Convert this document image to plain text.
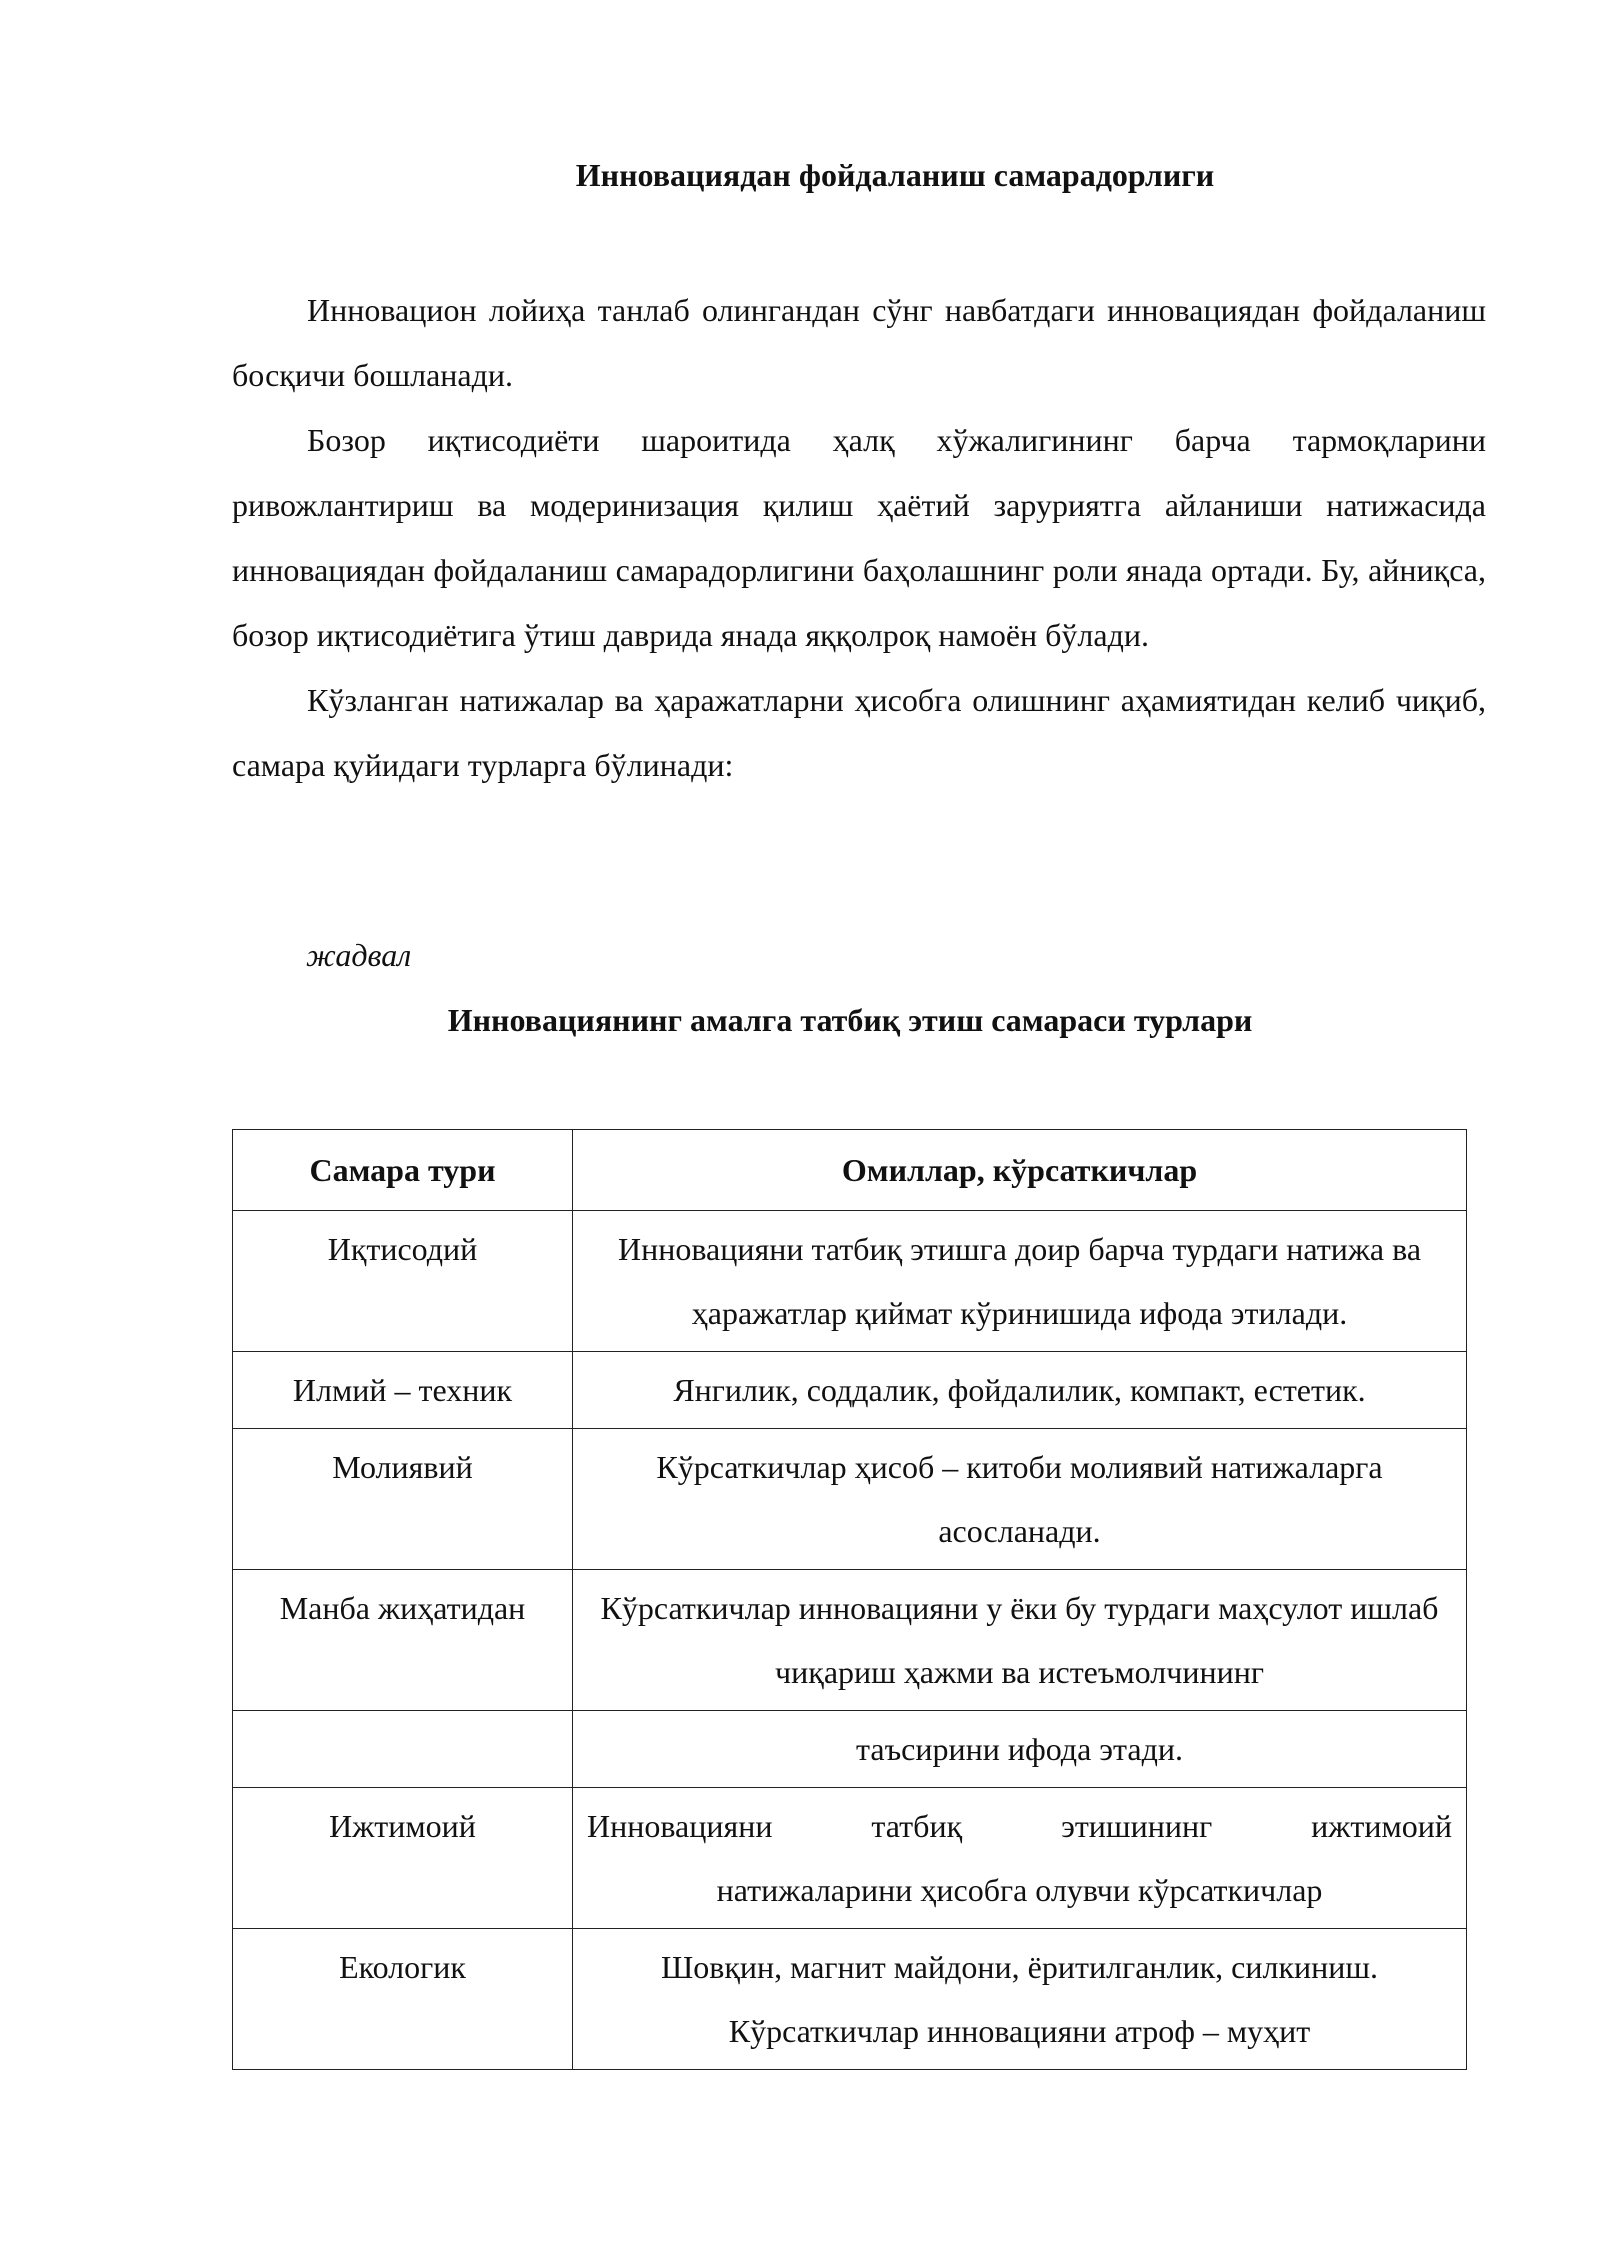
Инновациядан фойдаланиш самарадорлиги

Инновацион лойиҳа танлаб олингандан сўнг навбатдаги инновациядан фойдаланиш босқичи бошланади.

Бозор иқтисодиёти шароитида ҳалқ хўжалигининг барча тармоқларини ривожлантириш ва модеринизация қилиш ҳаётий заруриятга айланиши натижасида инновациядан фойдаланиш самарадорлигини баҳолашнинг роли янада ортади. Бу, айниқса, бозор иқтисодиётига ўтиш даврида янада яққолроқ намоён бўлади.

Кўзланган натижалар ва ҳаражатларни ҳисобга олишнинг аҳамиятидан келиб чиқиб, самара қуйидаги турларга бўлинади:

жадвал
Инновациянинг амалга татбиқ этиш самараси турлари
Самара тури	Омиллар, кўрсаткичлар
Иқтисодий	Инновацияни татбиқ этишга доир барча турдаги натижа ва ҳаражатлар қиймат кўринишида ифода этилади.
Илмий – техник	Янгилик, соддалик, фойдалилик, компакт, естетик.
Молиявий	Кўрсаткичлар ҳисоб – китоби молиявий натижаларга асосланади.
Манба жиҳатидан	Кўрсаткичлар инновацияни у ёки бу турдаги маҳсулот ишлаб чиқариш ҳажми ва истеъмолчининг
	таъсирини ифода этади.
Ижтимоий	Инновацияни татбиқ этишининг ижтимоий
натижаларини ҳисобга олувчи кўрсаткичлар
Екологик	Шовқин, магнит майдони, ёритилганлик, силкиниш. Кўрсаткичлар инновацияни атроф – муҳит
